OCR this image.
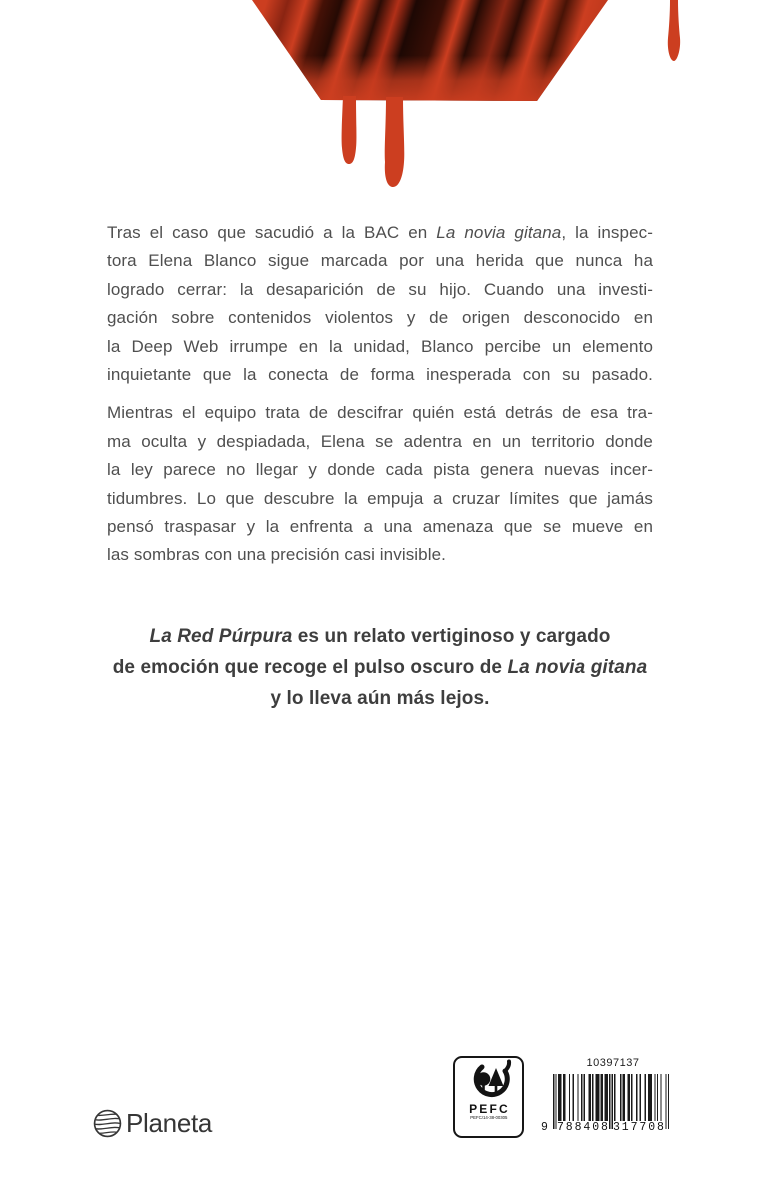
Tras el caso que sacudió a la BAC en La novia gitana, la inspec-
tora Elena Blanco sigue marcada por una herida que nunca ha
logrado cerrar: la desaparición de su hijo. Cuando una investi-
gación sobre contenidos violentos y de origen desconocido en
la Deep Web irrumpe en la unidad, Blanco percibe un elemento
inquietante que la conecta de forma inesperada con su pasado.
Mientras el equipo trata de descifrar quién está detrás de esa tra-
ma oculta y despiadada, Elena se adentra en un territorio donde
la ley parece no llegar y donde cada pista genera nuevas incer-
tidumbres. Lo que descubre la empuja a cruzar límites que jamás
pensó traspasar y la enfrenta a una amenaza que se mueve en
las sombras con una precisión casi invisible.
La Red Púrpura es un relato vertiginoso y cargado
de emoción que recoge el pulso oscuro de La novia gitana
y lo lleva aún más lejos.
Planeta	PEFC
PEFC/14-38-00305
10397137
9 788408 317708
